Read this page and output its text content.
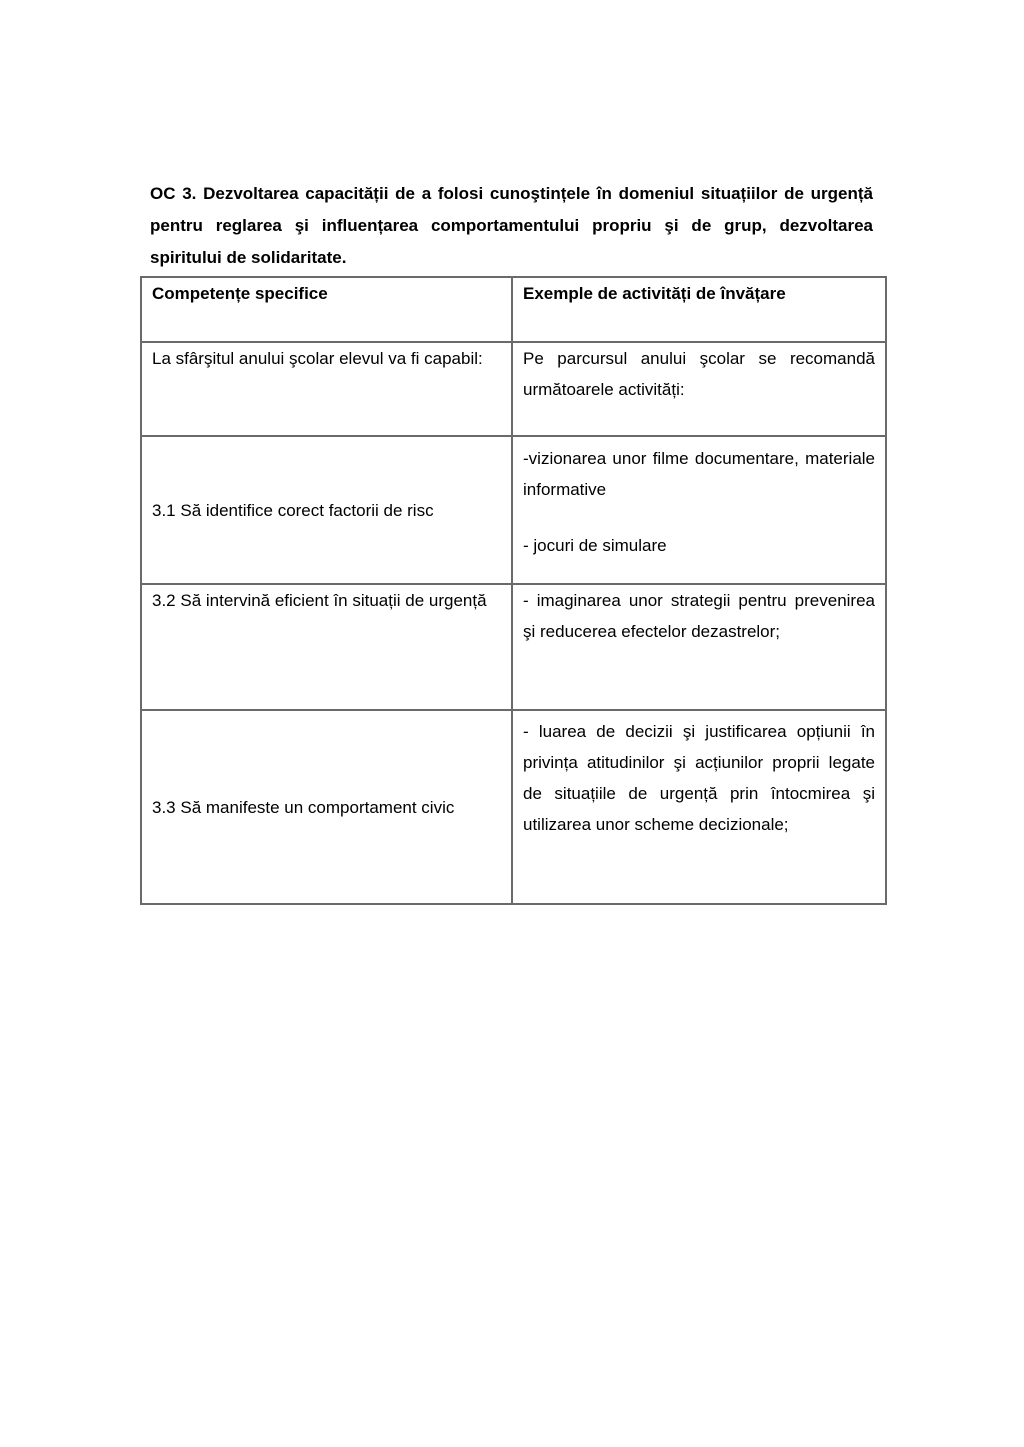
OC 3. Dezvoltarea capacității de a folosi cunoştințele în domeniul situațiilor de urgență pentru reglarea şi influențarea comportamentului propriu şi de grup, dezvoltarea spiritului de solidaritate.
Competențe specifice	Exemple de activități de învățare
La sfârşitul anului şcolar elevul va fi capabil:	Pe parcursul anului şcolar se recomandă următoarele activități:
3.1 Să identifice corect factorii de risc	-vizionarea unor filme documentare, materiale informative
- jocuri de simulare
3.2 Să intervină eficient în situații de urgență	- imaginarea unor strategii pentru prevenirea şi reducerea efectelor dezastrelor;
3.3 Să manifeste un comportament civic	- luarea de decizii şi justificarea opțiunii în privința atitudinilor şi acțiunilor proprii legate de situațiile de urgență prin întocmirea şi utilizarea unor scheme decizionale;
